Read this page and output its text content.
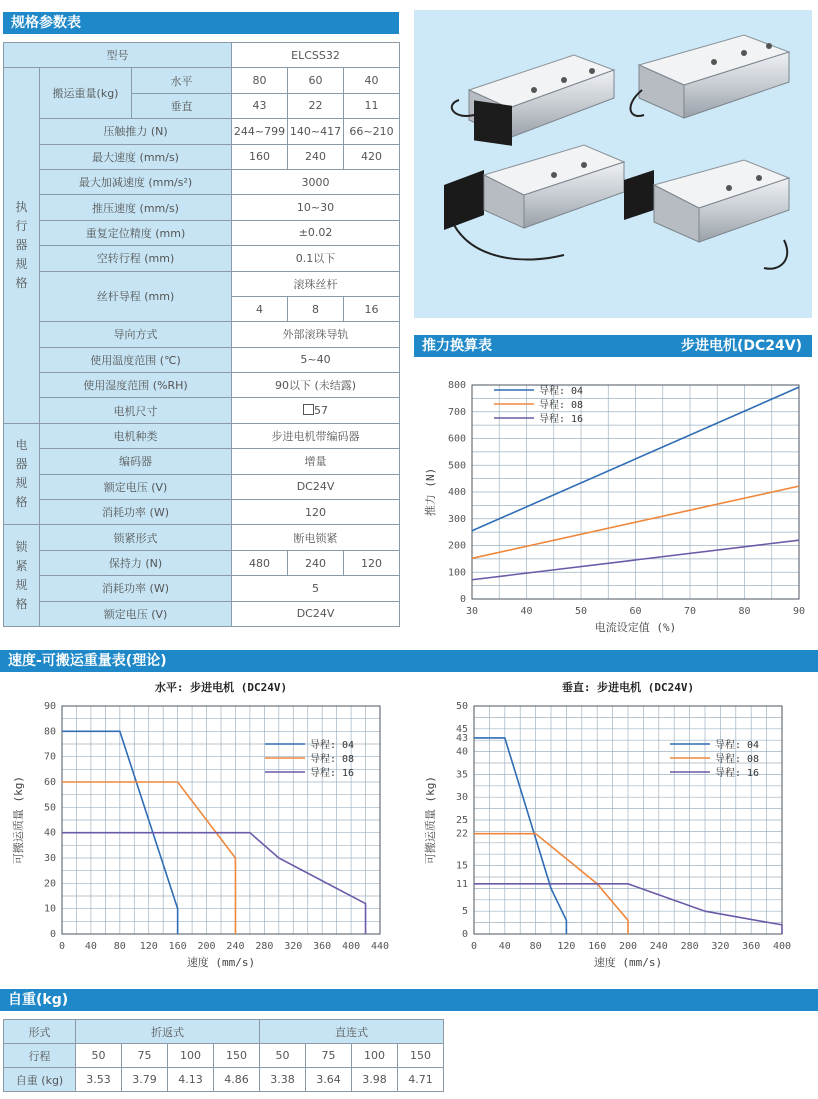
规格参数表
型号			ELCSS32		

执行器规格	搬运重量(kg)	水平	80	60	40
		垂直	43	22	11
	压触推力 (N)		244~799	140~417	66~210
	最大速度 (mm/s)		160	240	420
	最大加减速度 (mm/s²)		3000		
	推压速度 (mm/s)		10~30		
	重复定位精度 (mm)		±0.02		
	空转行程 (mm)		0.1以下		
	丝杆导程 (mm)		滚珠丝杆		
			4	8	16
	导向方式		外部滚珠导轨		
	使用温度范围 (℃)		5~40		
	使用湿度范围 (%RH)		90以下 (未结露)		
	电机尺寸		57		

电器规格	电机种类		步进电机带编码器		
	编码器		增量		
	额定电压 (V)		DC24V		
	消耗功率 (W)		120		

锁紧规格	锁紧形式		断电锁紧		
	保持力 (N)		480	240	120
	消耗功率 (W)		5		
	额定电压 (V)		DC24V		
推力换算表	步进电机(DC24V)
30	40	50	60	70	80	90
0
100
200
300
400
500
600
700
800
电流设定值 (%)
推力 (N)
导程: 04
导程: 08
导程: 16
速度-可搬运重量表(理论)
0 40 80 120 160 200 240 280 320 360 400 440
0
10
20
30
40
50
60
70
80
90
水平: 步进电机 (DC24V)
速度 (mm/s)
可搬运质量 (kg)
导程: 04
导程: 08
导程: 16
0 40 80 120 160 200 240 280 320 360 400
0
5
11
15
22
25
30
35
40
43
45
50
垂直: 步进电机 (DC24V)
速度 (mm/s)
可搬运质量 (kg)
导程: 04
导程: 08
导程: 16
自重(kg)
形式	折返式				直连式			
行程	50	75	100	150	50	75	100	150
自重 (kg)	3.53	3.79	4.13	4.86	3.38	3.64	3.98	4.71
